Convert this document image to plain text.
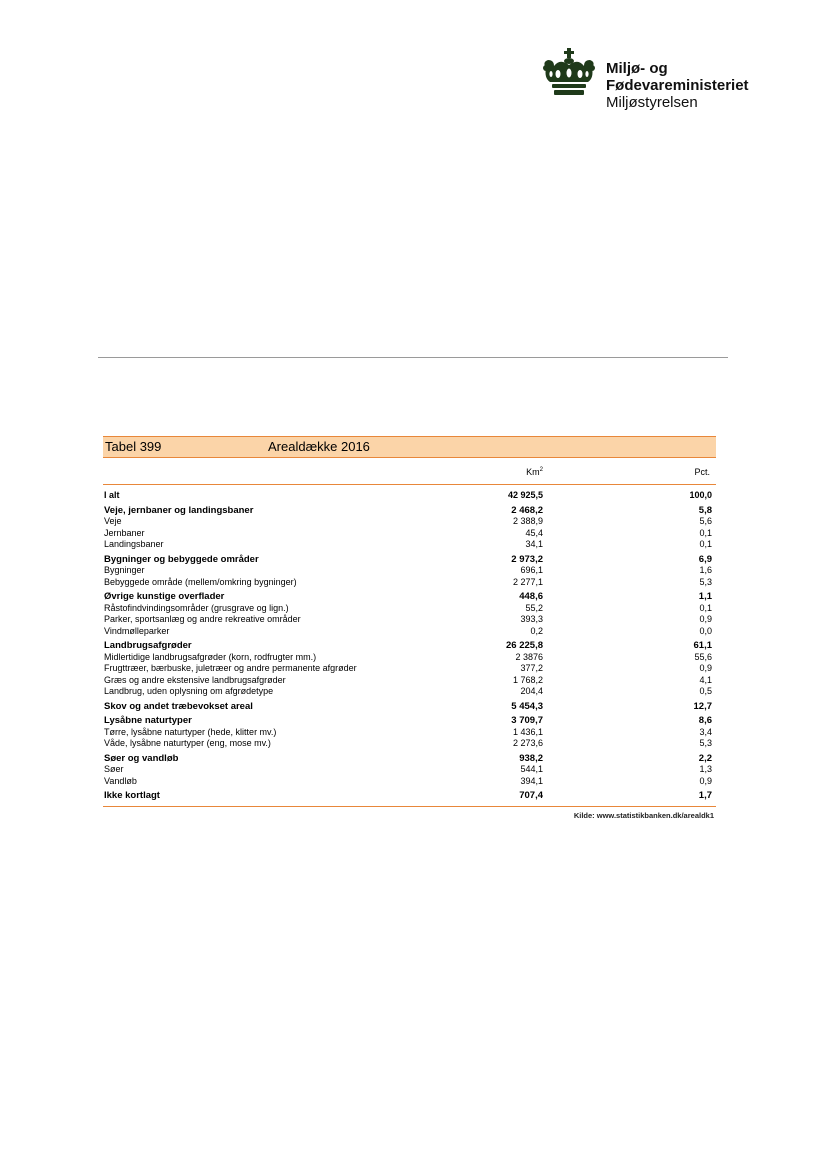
Miljø- og
Fødevareministeriet
Miljøstyrelsen
Tabel 399	Arealdække 2016
Km$^2$	Pct.
I alt	42 925,5	100,0
Veje, jernbaner og landingsbaner	2 468,2	5,8
Veje	2 388,9	5,6
Jernbaner	45,4	0,1
Landingsbaner	34,1	0,1
Bygninger og bebyggede områder	2 973,2	6,9
Bygninger	696,1	1,6
Bebyggede område (mellem/omkring bygninger)	2 277,1	5,3
Øvrige kunstige overflader	448,6	1,1
Råstofindvindingsområder (grusgrave og lign.)	55,2	0,1
Parker, sportsanlæg og andre rekreative områder	393,3	0,9
Vindmølleparker	0,2	0,0
Landbrugsafgrøder	26 225,8	61,1
Midlertidige landbrugsafgrøder (korn, rodfrugter mm.)	2 3876	55,6
Frugttræer, bærbuske, juletræer og andre permanente afgrøder	377,2	0,9
Græs og andre ekstensive landbrugsafgrøder	1 768,2	4,1
Landbrug, uden oplysning om afgrødetype	204,4	0,5
Skov og andet træbevokset areal	5 454,3	12,7
Lysåbne naturtyper	3 709,7	8,6
Tørre, lysåbne naturtyper (hede, klitter mv.)	1 436,1	3,4
Våde, lysåbne naturtyper (eng, mose mv.)	2 273,6	5,3
Søer og vandløb	938,2	2,2
Søer	544,1	1,3
Vandløb	394,1	0,9
Ikke kortlagt	707,4	1,7
Kilde: www.statistikbanken.dk/arealdk1
